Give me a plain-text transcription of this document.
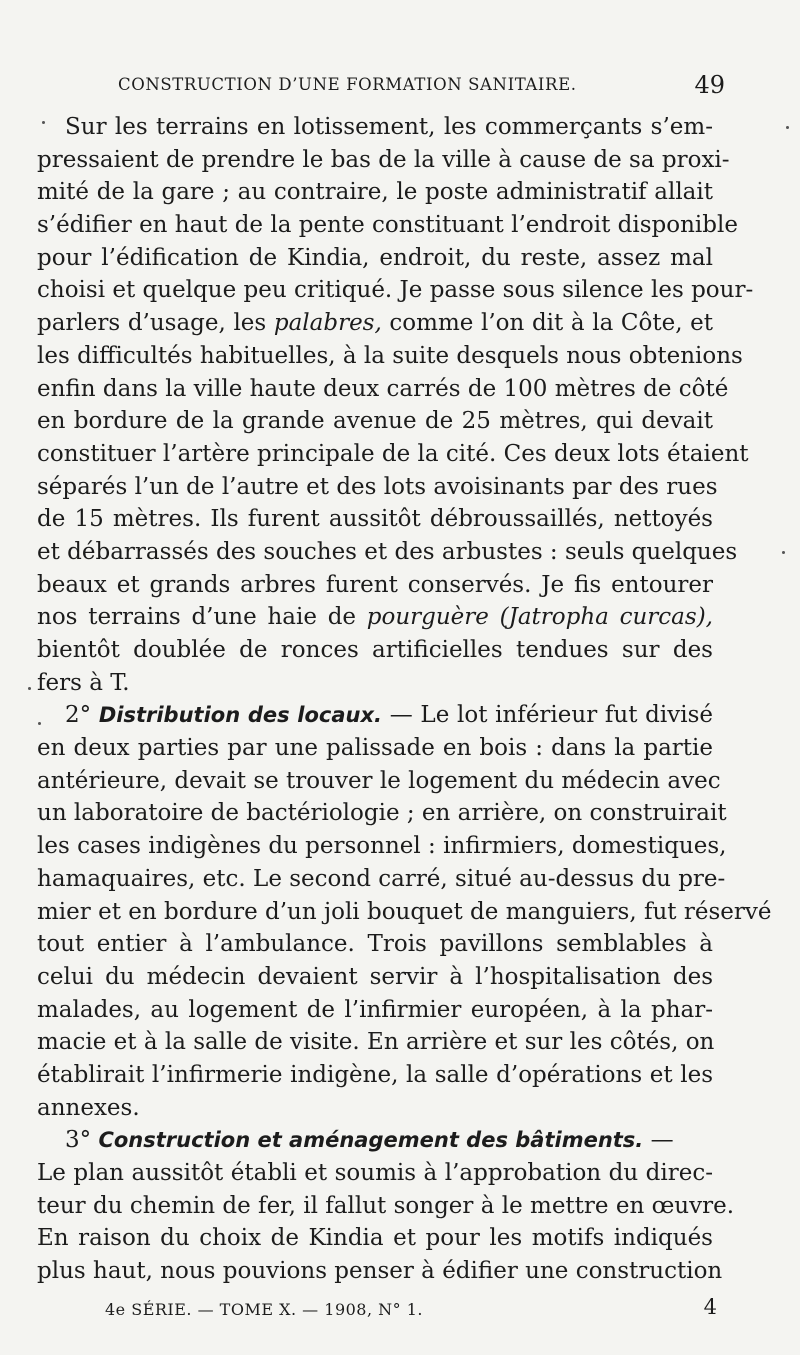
CONSTRUCTION D’UNE FORMATION SANITAIRE.	49
Sur les terrains en lotissement, les commerçants s’em-
pressaient de prendre le bas de la ville à cause de sa proxi-
mité de la gare ; au contraire, le poste administratif allait
s’édifier en haut de la pente constituant l’endroit disponible
pour l’édification de Kindia, endroit, du reste, assez mal
choisi et quelque peu critiqué. Je passe sous silence les pour-
parlers d’usage, les palabres, comme l’on dit à la Côte, et
les difficultés habituelles, à la suite desquels nous obtenions
enfin dans la ville haute deux carrés de 100 mètres de côté
en bordure de la grande avenue de 25 mètres, qui devait
constituer l’artère principale de la cité. Ces deux lots étaient
séparés l’un de l’autre et des lots avoisinants par des rues
de 15 mètres. Ils furent aussitôt débroussaillés, nettoyés
et débarrassés des souches et des arbustes : seuls quelques
beaux et grands arbres furent conservés. Je fis entourer
nos terrains d’une haie de pourguère (Jatropha curcas),
bientôt doublée de ronces artificielles tendues sur des
fers à T.
2° Distribution des locaux. — Le lot inférieur fut divisé
en deux parties par une palissade en bois : dans la partie
antérieure, devait se trouver le logement du médecin avec
un laboratoire de bactériologie ; en arrière, on construirait
les cases indigènes du personnel : infirmiers, domestiques,
hamaquaires, etc. Le second carré, situé au-dessus du pre-
mier et en bordure d’un joli bouquet de manguiers, fut réservé
tout entier à l’ambulance. Trois pavillons semblables à
celui du médecin devaient servir à l’hospitalisation des
malades, au logement de l’infirmier européen, à la phar-
macie et à la salle de visite. En arrière et sur les côtés, on
établirait l’infirmerie indigène, la salle d’opérations et les
annexes.
3° Construction et aménagement des bâtiments. —
Le plan aussitôt établi et soumis à l’approbation du direc-
teur du chemin de fer, il fallut songer à le mettre en œuvre.
En raison du choix de Kindia et pour les motifs indiqués
plus haut, nous pouvions penser à édifier une construction
4e SÉRIE. — TOME X. — 1908, N° 1.	4
